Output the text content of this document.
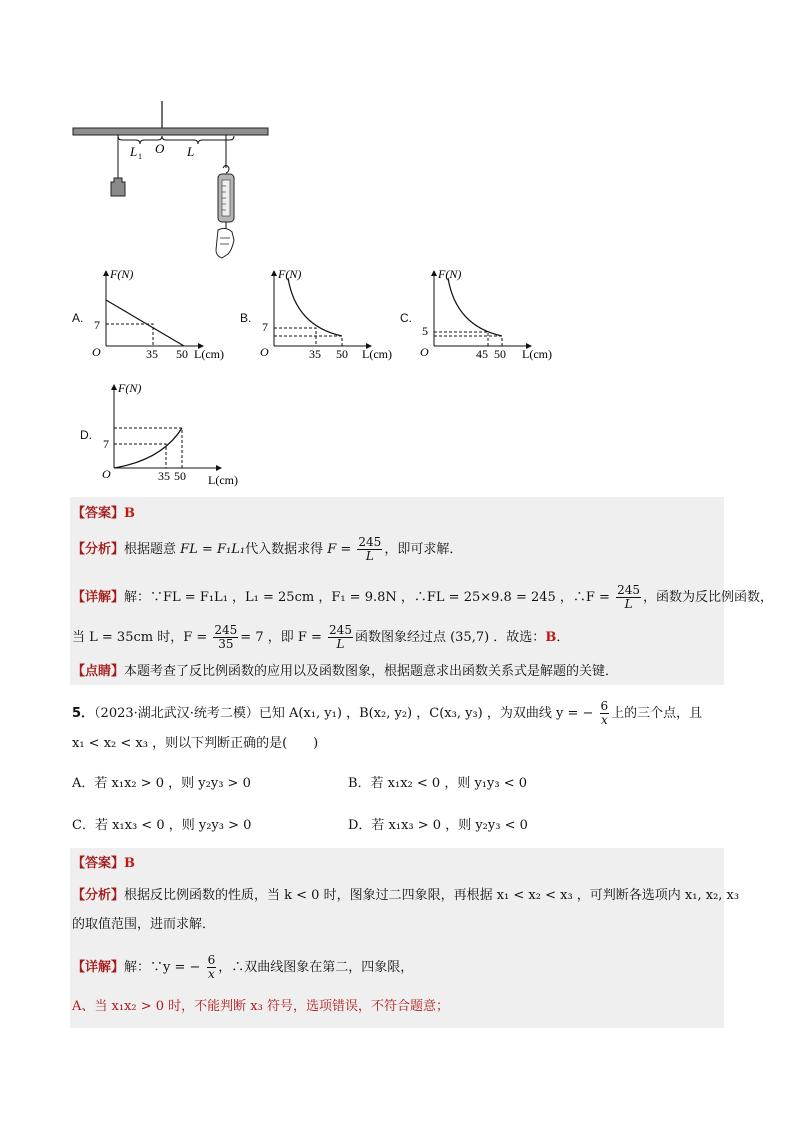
L 1
O L
A.
F(N)
O
7
35 50 L(cm)
B.
F(N)
O
7
35 50 L(cm)
C.
F(N)
O
5
45 50 L(cm)
D.
F(N)
O
7
35 50 L(cm)
【答案】B
【分析】根据题意 FL = F₁L₁代入数据求得 $F = \frac{245}{L}$ ，即可求解．
【详解】解：∵FL = F₁L₁ ，L₁ = 25cm ，F₁ = 9.8N ，∴FL = 25×9.8 = 245 ，∴F = $\frac{245}{L}$ ，函数为反比例函数，
当 L = 35cm 时，$F = \frac{245}{35} = 7$ ，即 $F = \frac{245}{L}$ 函数图象经过点 (35,7) ．故选：B．
【点睛】本题考查了反比例函数的应用以及函数图象，根据题意求出函数关系式是解题的关键．
5．（2023·湖北武汉·统考二模）已知 A(x₁, y₁) ，B(x₂, y₂) ，C(x₃, y₃) ，为双曲线 y = − $\frac{6}{x}$ 上的三个点，且
x₁ < x₂ < x₃ ，则以下判断正确的是(　　)
A．若 x₁x₂ > 0 ，则 y₂y₃ > 0	B．若 x₁x₂ < 0 ，则 y₁y₃ < 0
C．若 x₁x₃ < 0 ，则 y₂y₃ > 0	D．若 x₁x₃ > 0 ，则 y₂y₃ < 0
【答案】B
【分析】根据反比例函数的性质，当 k < 0 时，图象过二四象限，再根据 x₁ < x₂ < x₃ ，可判断各选项内 x₁, x₂, x₃
的取值范围，进而求解．
【详解】解：∵y = − $\frac{6}{x}$ ，∴双曲线图象在第二，四象限，
A、当 x₁x₂ > 0 时，不能判断 x₃ 符号，选项错误，不符合题意；
